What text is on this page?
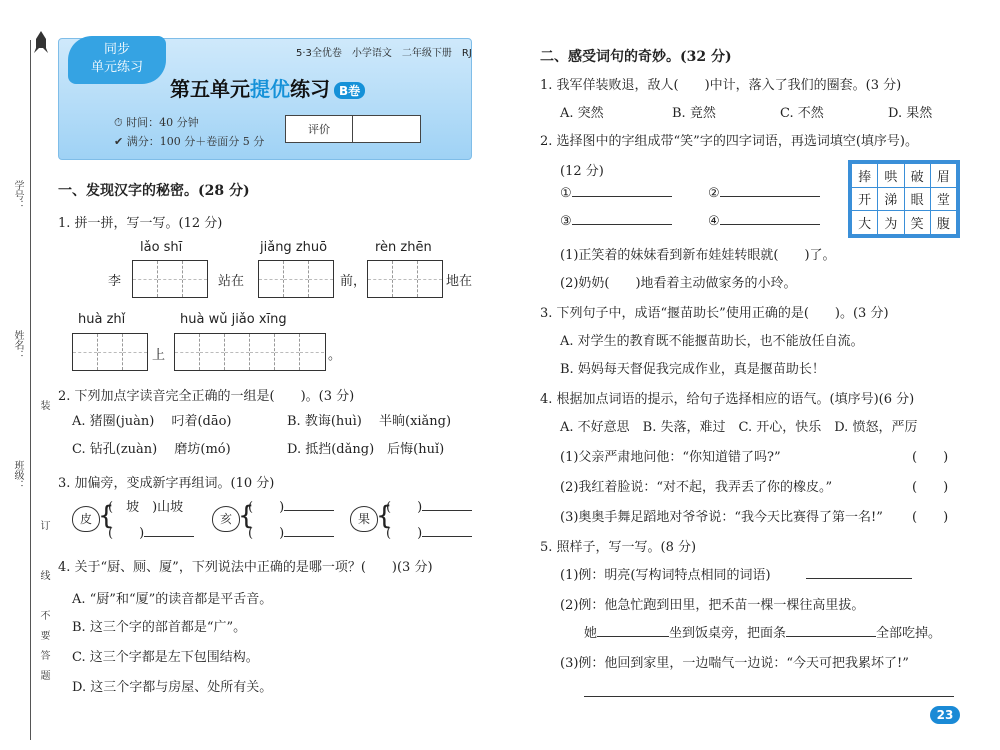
学号：
姓名：
班级：
装
订
线
不
要
答
题
同步
单元练习
5·3全优卷　小学语文　二年级下册　RJ
第五单元提优练习 B卷
⏱ 时间：40 分钟
✔ 满分：100 分＋卷面分 5 分
评价
一、发现汉字的秘密。(28 分)
1. 拼一拼，写一写。(12 分)
lǎo shī	jiǎng zhuō	rèn zhēn
李	站在	前，	地在
huà zhǐ	huà wǔ jiǎo xīng
上	。
2. 下列加点字读音完全正确的一组是(　　)。(3 分)
A. 猪圈(juàn)　 叼着(dāo)	B. 教诲(huì)　 半晌(xiǎng)
C. 钻孔(zuàn)　 磨坊(mó)	D. 抵挡(dǎng)　后悔(huǐ)
3. 加偏旁，变成新字再组词。(10 分)
皮 {
(　坡　)山坡
(　　)
亥 {
(　　)
(　　)
果 {
(　　)
(　　)
4. 关于“厨、厕、厦”，下列说法中正确的是哪一项？(　　)(3 分)
A. “厨”和“厦”的读音都是平舌音。
B. 这三个字的部首都是“广”。
C. 这三个字都是左下包围结构。
D. 这三个字都与房屋、处所有关。
二、感受词句的奇妙。(32 分)
1. 我军佯装败退，敌人(　　)中计，落入了我们的圈套。(3 分)
A. 突然	B. 竟然	C. 不然	D. 果然
2. 选择图中的字组成带“笑”字的四字词语，再选词填空(填序号)。
(12 分)
①	②
③	④
捧	哄	破	眉
开	涕	眼	堂
大	为	笑	腹
(1)正笑着的妹妹看到新布娃娃转眼就(　　)了。
(2)奶奶(　　)地看着主动做家务的小玲。
3. 下列句子中，成语“揠苗助长”使用正确的是(　　)。(3 分)
A. 对学生的教育既不能揠苗助长，也不能放任自流。
B. 妈妈每天督促我完成作业，真是揠苗助长！
4. 根据加点词语的提示，给句子选择相应的语气。(填序号)(6 分)
A. 不好意思　B. 失落，难过　C. 开心，快乐　D. 愤怒，严厉
(1)父亲严肃地问他：“你知道错了吗?”	(　　)
(2)我红着脸说：“对不起，我弄丢了你的橡皮。”	(　　)
(3)奥奥手舞足蹈地对爷爷说：“我今天比赛得了第一名!” (　　)
5. 照样子，写一写。(8 分)
(1)例：明亮(写构词特点相同的词语)
(2)例：他急忙跑到田里，把禾苗一棵一棵往高里拔。
她	坐到饭桌旁，把面条	全部吃掉。
(3)例：他回到家里，一边喘气一边说：“今天可把我累坏了!”
23
